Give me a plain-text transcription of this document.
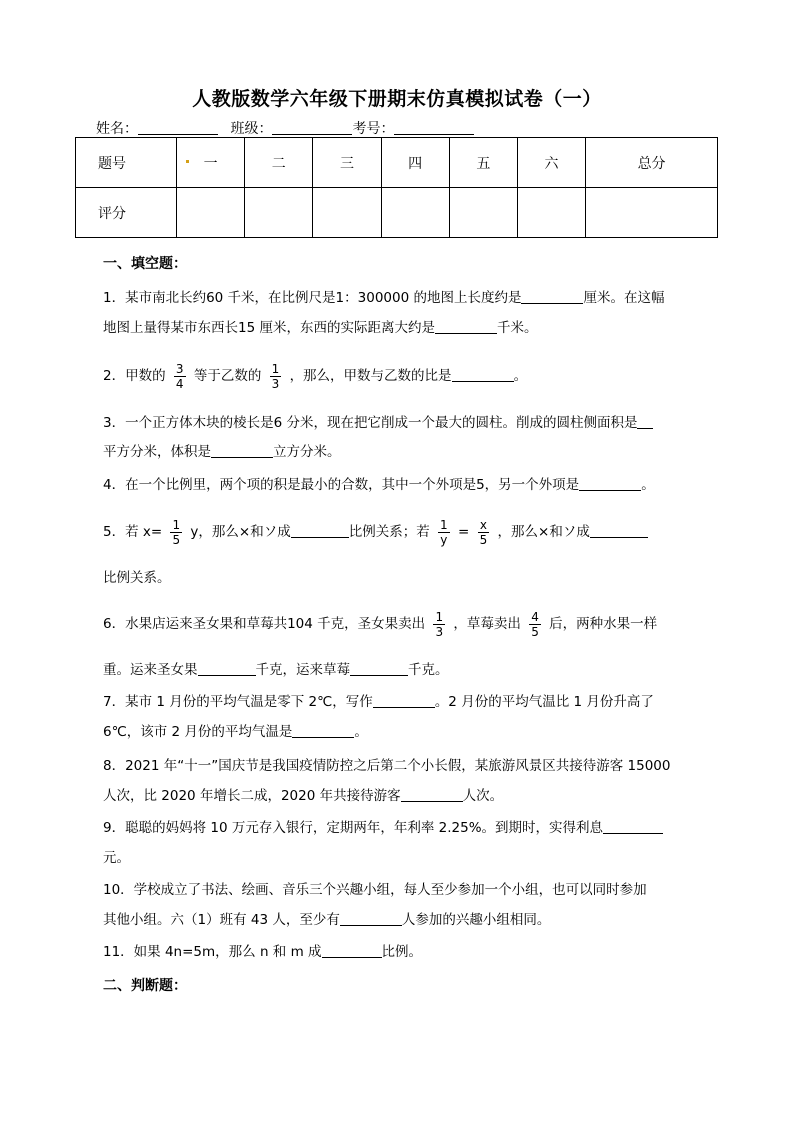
人教版数学六年级下册期末仿真模拟试卷（一）
姓名：	班级：	考号：
题号	一	二	三	四	五	六	总分
评分							
一、填空题：
1．某市南北长约60 千米，在比例尺是1：300000 的地图上长度约是	厘米。在这幅
地图上量得某市东西长15 厘米，东西的实际距离大约是	千米。
2．甲数的 $\frac{3}{4}$ 等于乙数的 $\frac{1}{3}$ ，那么，甲数与乙数的比是	。
3．一个正方体木块的棱长是6 分米，现在把它削成一个最大的圆柱。削成的圆柱侧面积是
平方分米，体积是	立方分米。
4．在一个比例里，两个项的积是最小的合数，其中一个外项是5，另一个外项是	。
5．若 $x= \frac{1}{5}$ y，那么×和ソ成	比例关系；若 $\frac{1}{y} = \frac{x}{5}$ ，那么×和ソ成
比例关系。
6．水果店运来圣女果和草莓共104 千克，圣女果卖出 $\frac{1}{3}$ ，草莓卖出 $\frac{4}{5}$ 后，两种水果一样
重。运来圣女果	千克，运来草莓	千克。
7．某市 1 月份的平均气温是零下 2℃，写作	。2 月份的平均气温比 1 月份升高了
6℃，该市 2 月份的平均气温是	。
8．2021 年“十一”国庆节是我国疫情防控之后第二个小长假，某旅游风景区共接待游客 15000
人次，比 2020 年增长二成，2020 年共接待游客	人次。
9．聪聪的妈妈将 10 万元存入银行，定期两年，年利率 2.25%。到期时，实得利息
元。
10．学校成立了书法、绘画、音乐三个兴趣小组，每人至少参加一个小组，也可以同时参加
其他小组。六（1）班有 43 人，至少有	人参加的兴趣小组相同。
11．如果 4n=5m，那么 n 和 m 成	比例。
二、判断题：
